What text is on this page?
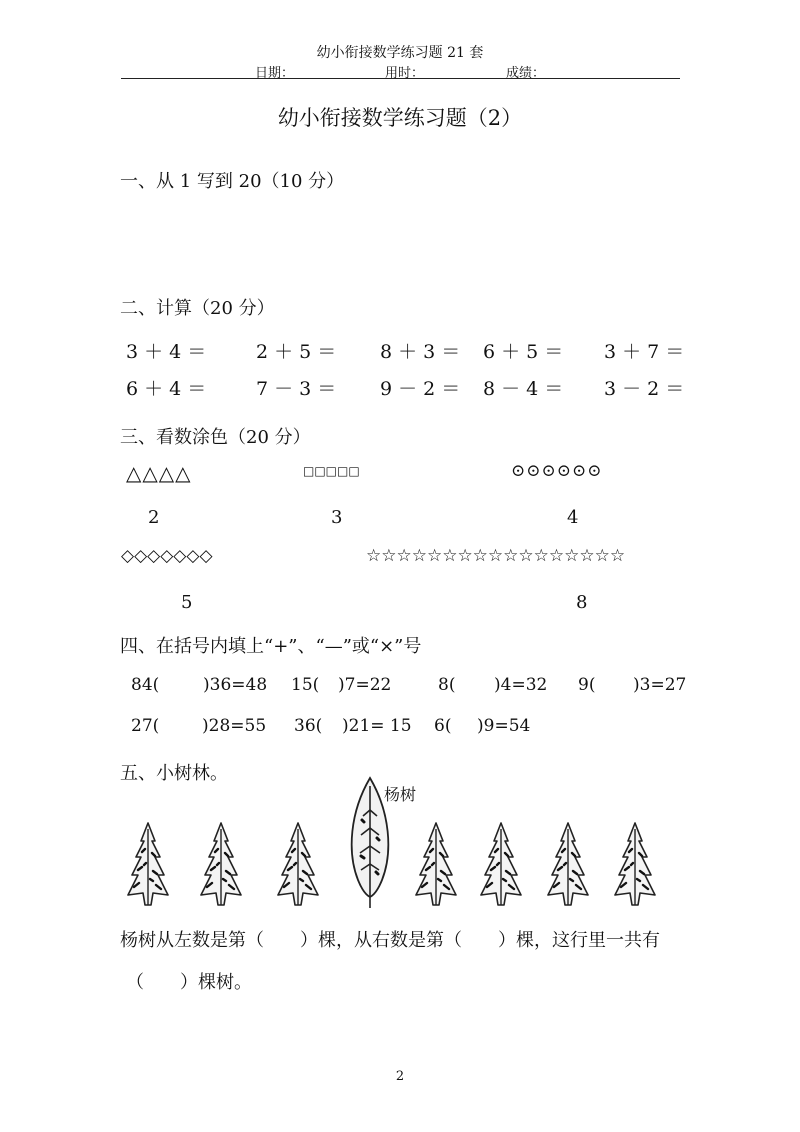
幼小衔接数学练习题 21 套
日期：	用时：	成绩：
幼小衔接数学练习题（2）
一、从 1 写到 20（10 分）
二、计算（20 分）
3 ＋ 4 ＝	2 ＋ 5 ＝ 8 ＋ 3 ＝ 6 ＋ 5 ＝ 3 ＋ 7 ＝
6 ＋ 4 ＝	7 － 3 ＝ 9 － 2 ＝ 8 － 4 ＝ 3 － 2 ＝
三、看数涂色（20 分）
△△△△	□□□□□	⊙⊙⊙⊙⊙⊙
2	3	4
◇◇◇◇◇◇◇	☆☆☆☆☆☆☆☆☆☆☆☆☆☆☆☆☆
5	8
四、在括号内填上“+”、“—”或“×”号
84(	)36=48 15( )7=22	8( )4=32 9( )3=27
27(	)28=55 36( )21= 15 6( )9=54
五、小树林。
杨树
杨树从左数是第（　　）棵，从右数是第（　　）棵，这行里一共有
（　　）棵树。
2
